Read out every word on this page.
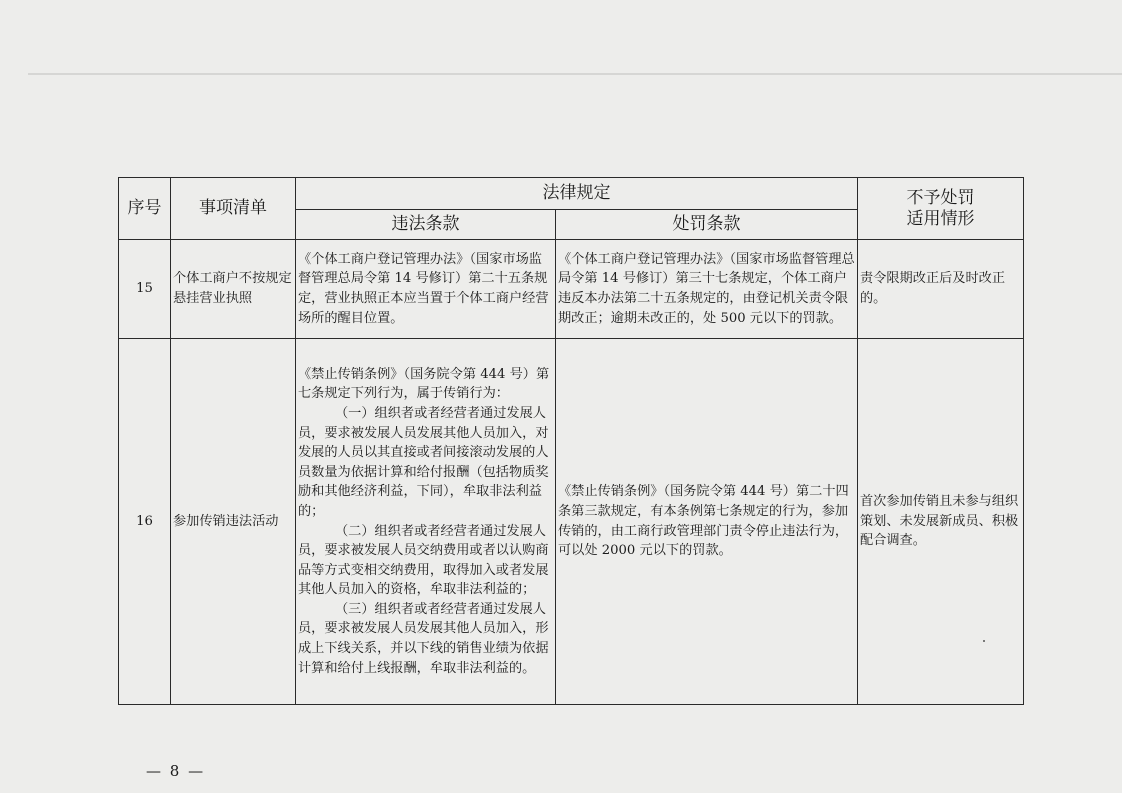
序号	事项清单	法律规定		不予处罚
适用情形

		违法条款	处罚条款	
15	个体工商户不按规定悬挂营业执照	《个体工商户登记管理办法》（国家市场监督管理总局令第 14 号修订）第二十五条规定，营业执照正本应当置于个体工商户经营场所的醒目位置。	《个体工商户登记管理办法》（国家市场监督管理总局令第 14 号修订）第三十七条规定，个体工商户违反本办法第二十五条规定的，由登记机关责令限期改正；逾期未改正的，处 500 元以下的罚款。	责令限期改正后及时改正的。
16	参加传销违法活动	《禁止传销条例》（国务院令第 444 号）第七条规定下列行为，属于传销行为：
（一）组织者或者经营者通过发展人员，要求被发展人员发展其他人员加入，对发展的人员以其直接或者间接滚动发展的人员数量为依据计算和给付报酬（包括物质奖励和其他经济利益，下同），牟取非法利益的；
（二）组织者或者经营者通过发展人员，要求被发展人员交纳费用或者以认购商品等方式变相交纳费用，取得加入或者发展其他人员加入的资格，牟取非法利益的；
（三）组织者或者经营者通过发展人员，要求被发展人员发展其他人员加入，形成上下线关系，并以下线的销售业绩为依据计算和给付上线报酬，牟取非法利益的。	《禁止传销条例》（国务院令第 444 号）第二十四条第三款规定，有本条例第七条规定的行为，参加传销的，由工商行政管理部门责令停止违法行为，可以处 2000 元以下的罚款。	首次参加传销且未参与组织策划、未发展新成员、积极配合调查。
— 8 —
